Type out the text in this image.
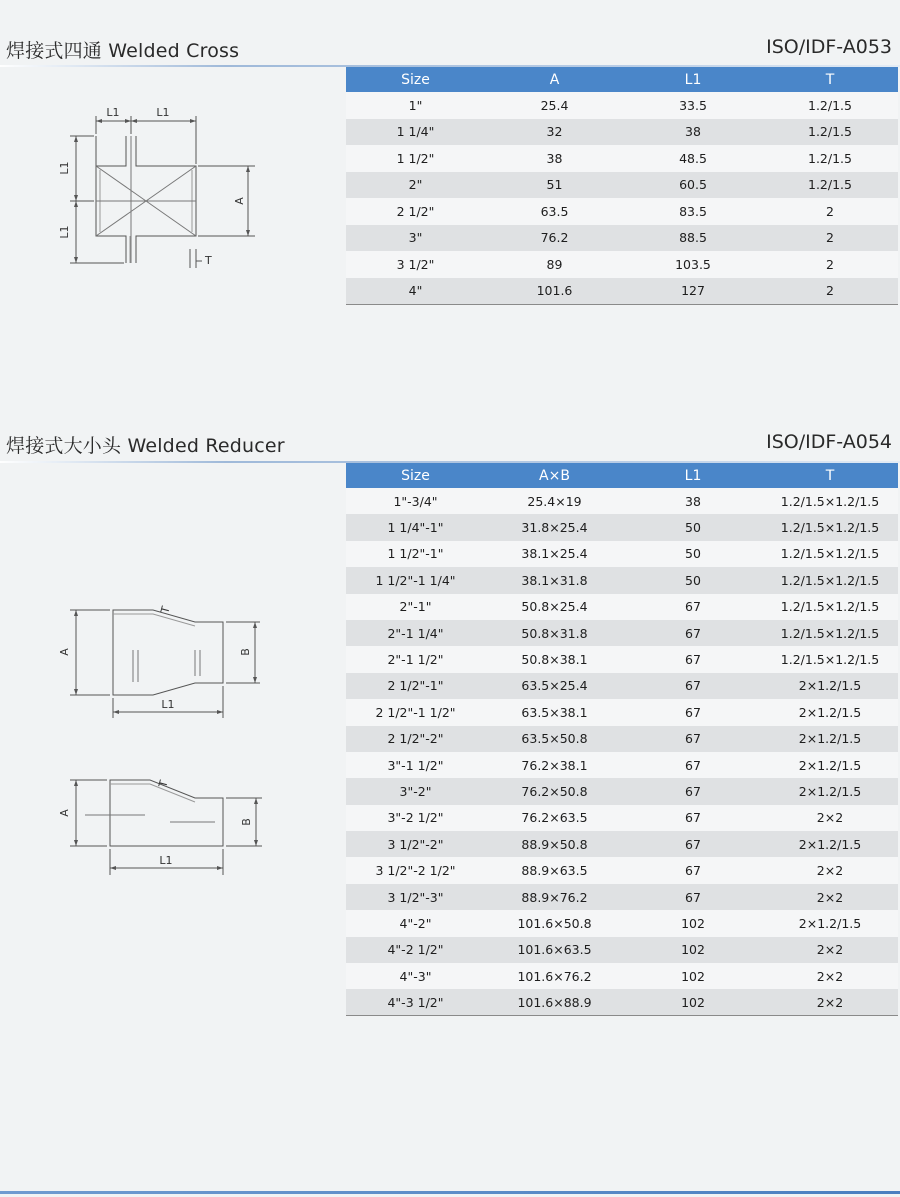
焊接式四通 Welded Cross	ISO/IDF-A053
L1	L1
L1
L1
A
T
Size	A	L1	T
1"	25.4	33.5	1.2/1.5
1 1/4"	32	38	1.2/1.5
1 1/2"	38	48.5	1.2/1.5
2"	51	60.5	1.2/1.5
2 1/2"	63.5	83.5	2
3"	76.2	88.5	2
3 1/2"	89	103.5	2
4"	101.6	127	2
焊接式大小头 Welded Reducer	ISO/IDF-A054
A	B
L1
T
A
B
L1
T
Size	A×B	L1	T
1"-3/4"	25.4×19	38	1.2/1.5×1.2/1.5
1 1/4"-1"	31.8×25.4	50	1.2/1.5×1.2/1.5
1 1/2"-1"	38.1×25.4	50	1.2/1.5×1.2/1.5
1 1/2"-1 1/4"	38.1×31.8	50	1.2/1.5×1.2/1.5
2"-1"	50.8×25.4	67	1.2/1.5×1.2/1.5
2"-1 1/4"	50.8×31.8	67	1.2/1.5×1.2/1.5
2"-1 1/2"	50.8×38.1	67	1.2/1.5×1.2/1.5
2 1/2"-1"	63.5×25.4	67	2×1.2/1.5
2 1/2"-1 1/2"	63.5×38.1	67	2×1.2/1.5
2 1/2"-2"	63.5×50.8	67	2×1.2/1.5
3"-1 1/2"	76.2×38.1	67	2×1.2/1.5
3"-2"	76.2×50.8	67	2×1.2/1.5
3"-2 1/2"	76.2×63.5	67	2×2
3 1/2"-2"	88.9×50.8	67	2×1.2/1.5
3 1/2"-2 1/2"	88.9×63.5	67	2×2
3 1/2"-3"	88.9×76.2	67	2×2
4"-2"	101.6×50.8	102	2×1.2/1.5
4"-2 1/2"	101.6×63.5	102	2×2
4"-3"	101.6×76.2	102	2×2
4"-3 1/2"	101.6×88.9	102	2×2
